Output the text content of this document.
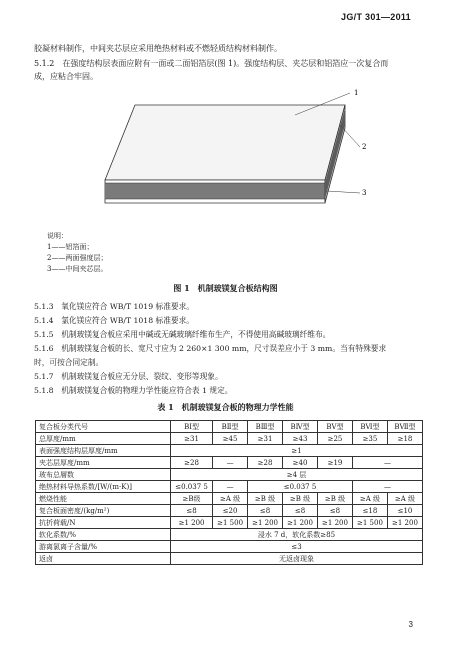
JG/T 301—2011
胶凝材料制作，中间夹芯层应采用绝热材料或不燃轻质结构材料制作。
5.1.2　在强度结构层表面应附有一面或二面铝箔层(图 1)。强度结构层、夹芯层和铝箔应一次复合而
成，应粘合牢固。
1
2
3
说明：
1——铝箔面；
2——两面强度层；
3——中间夹芯层。
图 1　机制玻镁复合板结构图
5.1.3　氧化镁应符合 WB/T 1019 标准要求。
5.1.4　氯化镁应符合 WB/T 1018 标准要求。
5.1.5　机制玻镁复合板应采用中碱或无碱玻璃纤维布生产，不得使用高碱玻璃纤维布。
5.1.6　机制玻镁复合板的长、宽尺寸应为 2 260×1 300 mm，尺寸误差应小于 3 mm。当有特殊要求
时，可按合同定制。
5.1.7　机制玻镁复合板应无分层、裂纹、变形等现象。
5.1.8　机制玻镁复合板的物理力学性能应符合表 1 规定。
表 1　机制玻镁复合板的物理力学性能
复合板分类代号	BⅠ型	BⅡ型	BⅢ型	BⅣ型	BⅤ型	BⅥ型	BⅦ型
总厚度/mm	≥31	≥45	≥31	≥43	≥25	≥35	≥18
表面强度结构层厚度/mm	≥1						
夹芯层厚度/mm	≥28	—	≥28	≥40	≥19	—	
玻布总層数	≥4 层						
绝热材料导热系数/[W/(m·K)]	≤0.037 5	—	≤0.037 5			—	
燃烧性能	≥B级	≥A 级	≥B 级	≥B 级	≥B 级	≥A 级	≥A 级
复合板面密度/(kg/m²)	≤8	≤20	≤8	≤8	≤8	≤18	≤10
抗折荷载/N	≥1 200	≥1 500	≥1 200	≥1 200	≥1 200	≥1 500	≥1 200
软化系数/%	浸水 7 d，软化系数≥85						
游离氯离子含量/%	≤3						
返卤	无返卤现象						
3
